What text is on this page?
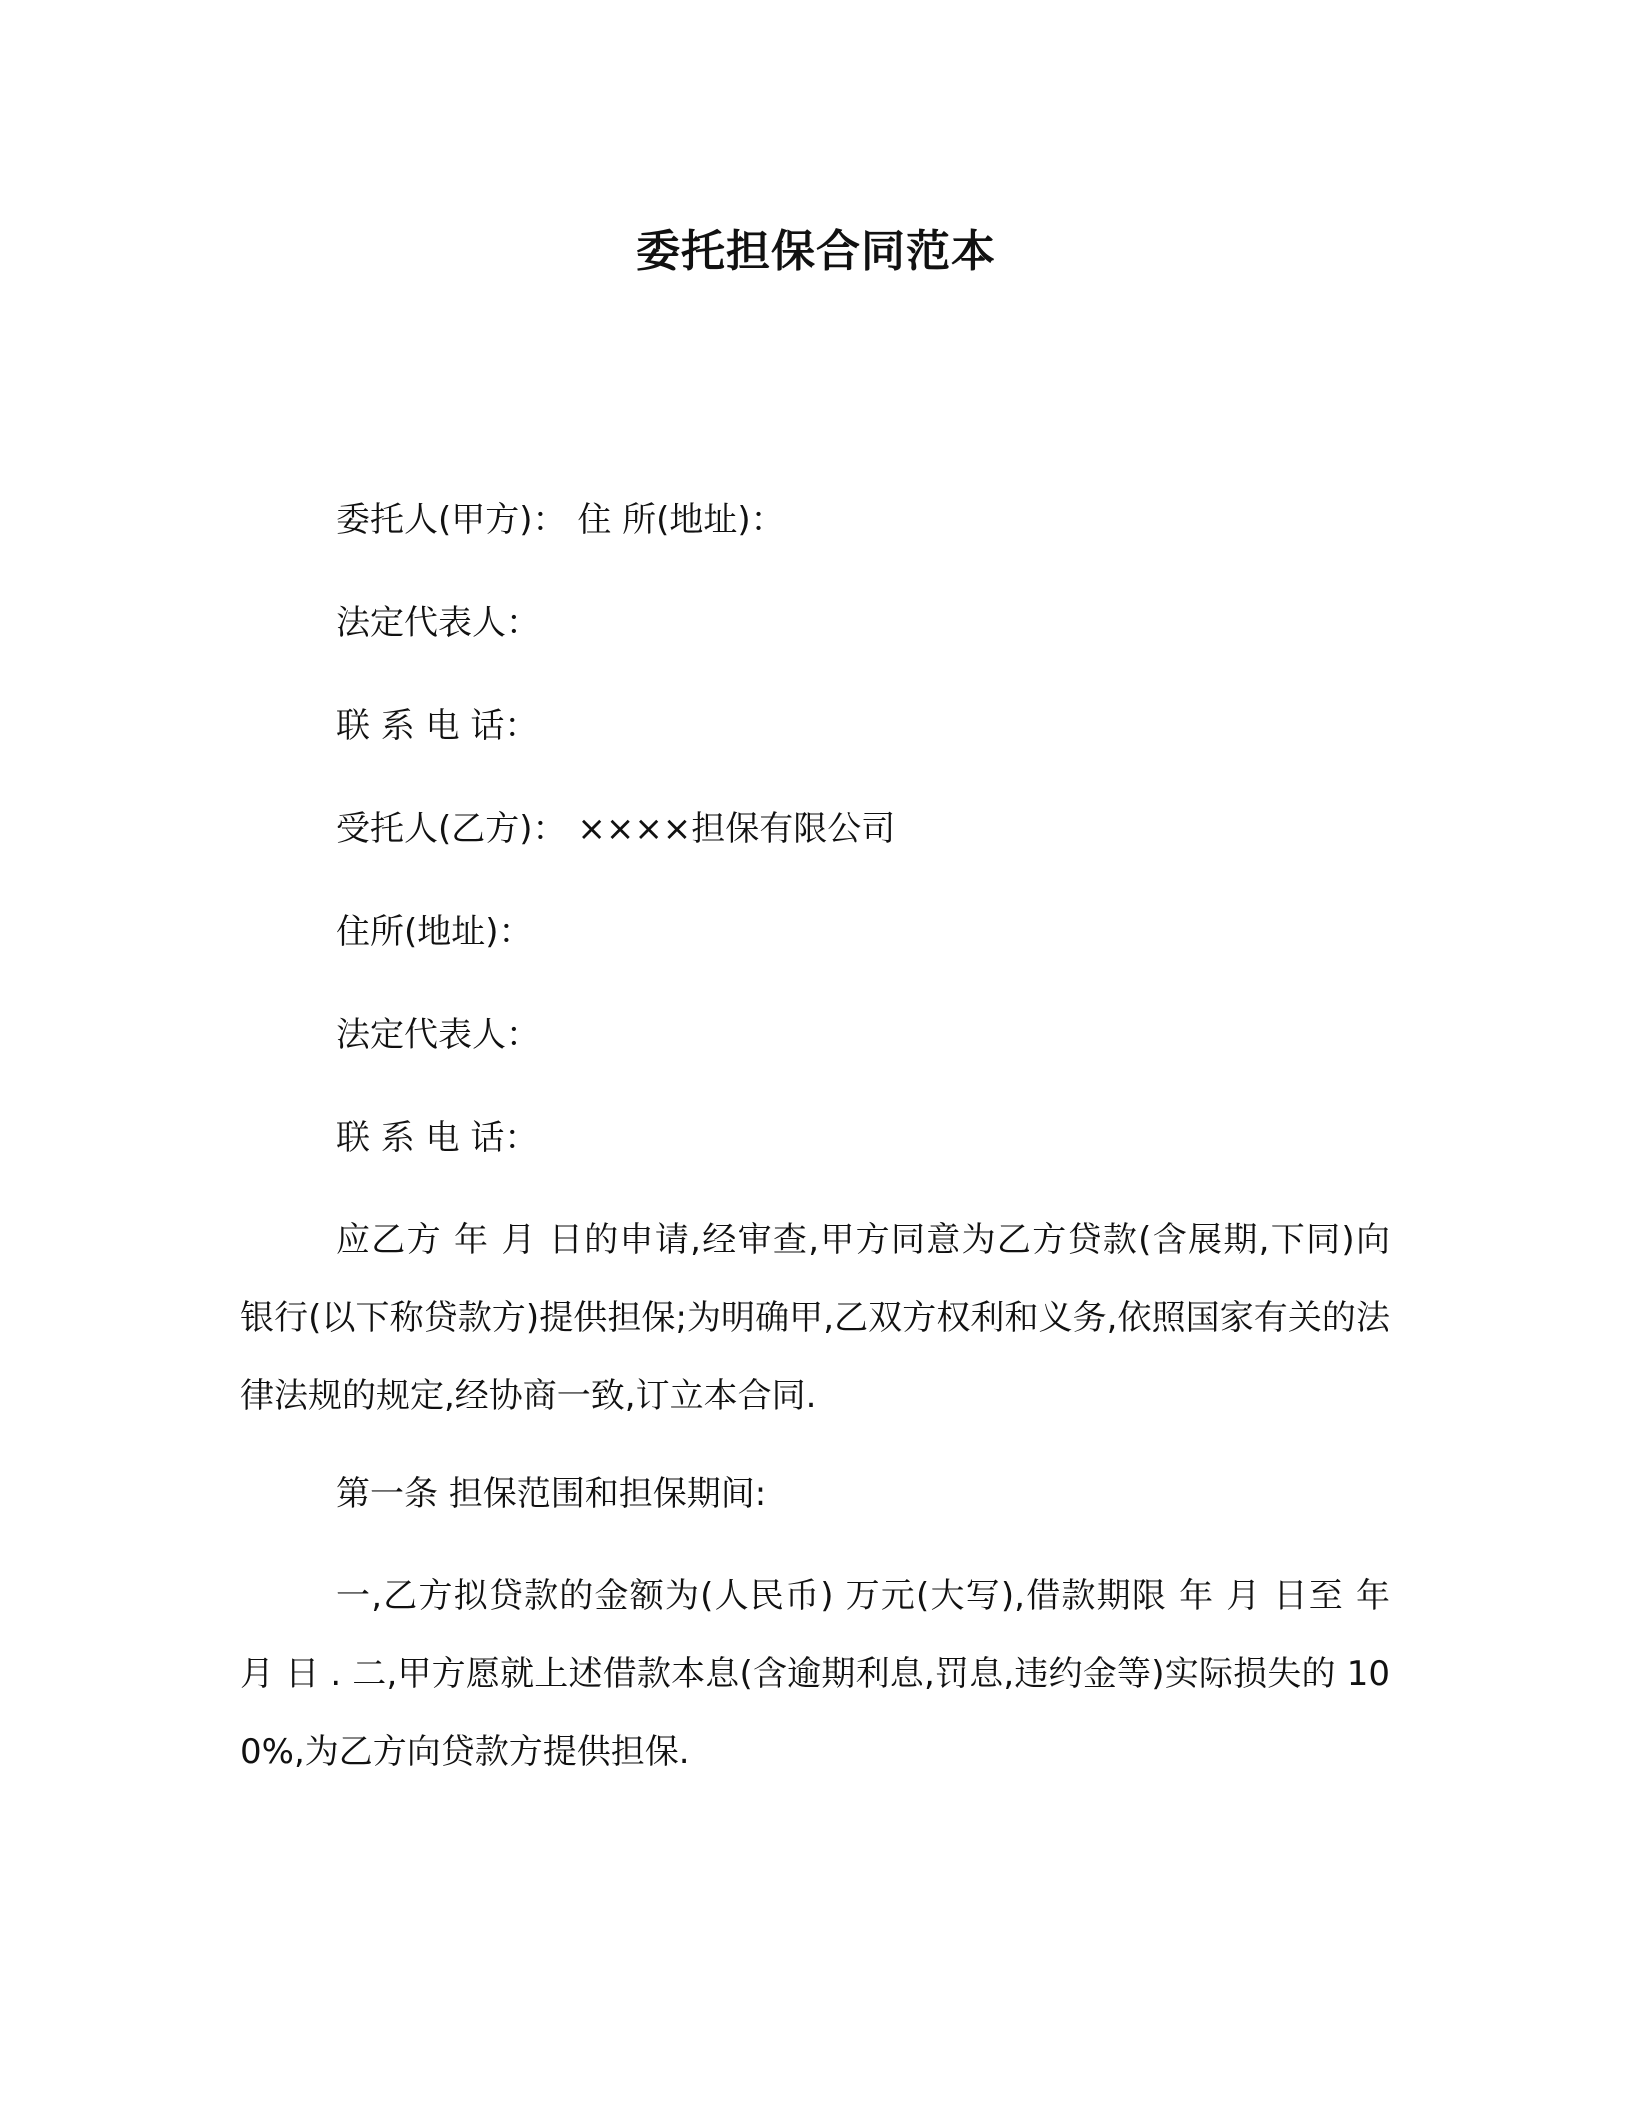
委托担保合同范本
委托人(甲方)： 住 所(地址)：
法定代表人：
联 系 电 话：
受托人(乙方)： ××××担保有限公司
住所(地址)：
法定代表人：
联 系 电 话：
应乙方 年 月 日的申请,经审查,甲方同意为乙方贷款(含展期,下同)向 银行(以下称贷款方)提供担保;为明确甲,乙双方权利和义务,依照国家有关的法律法规的规定,经协商一致,订立本合同.
第一条 担保范围和担保期间:
一,乙方拟贷款的金额为(人民币) 万元(大写),借款期限 年 月 日至 年 月 日 . 二,甲方愿就上述借款本息(含逾期利息,罚息,违约金等)实际损失的 100%,为乙方向贷款方提供担保.
